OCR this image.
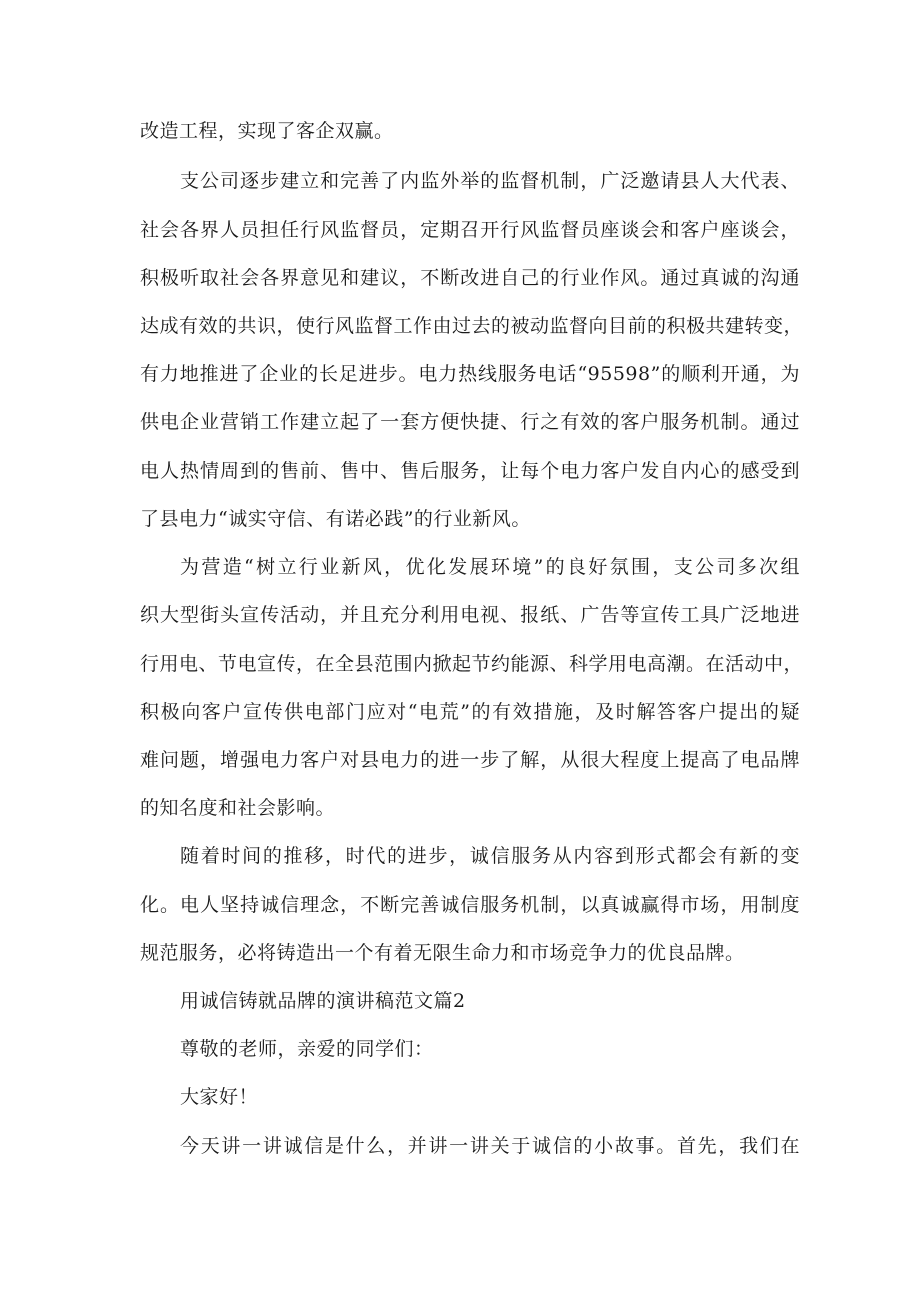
改造工程，实现了客企双赢。
支公司逐步建立和完善了内监外举的监督机制，广泛邀请县人大代表、
社会各界人员担任行风监督员，定期召开行风监督员座谈会和客户座谈会，
积极听取社会各界意见和建议，不断改进自己的行业作风。通过真诚的沟通
达成有效的共识，使行风监督工作由过去的被动监督向目前的积极共建转变，
有力地推进了企业的长足进步。电力热线服务电话“95598”的顺利开通，为
供电企业营销工作建立起了一套方便快捷、行之有效的客户服务机制。通过
电人热情周到的售前、售中、售后服务，让每个电力客户发自内心的感受到
了县电力“诚实守信、有诺必践”的行业新风。
为营造“树立行业新风，优化发展环境”的良好氛围，支公司多次组
织大型街头宣传活动，并且充分利用电视、报纸、广告等宣传工具广泛地进
行用电、节电宣传，在全县范围内掀起节约能源、科学用电高潮。在活动中，
积极向客户宣传供电部门应对“电荒”的有效措施，及时解答客户提出的疑
难问题，增强电力客户对县电力的进一步了解，从很大程度上提高了电品牌
的知名度和社会影响。
随着时间的推移，时代的进步，诚信服务从内容到形式都会有新的变
化。电人坚持诚信理念，不断完善诚信服务机制，以真诚赢得市场，用制度
规范服务，必将铸造出一个有着无限生命力和市场竞争力的优良品牌。
用诚信铸就品牌的演讲稿范文篇2
尊敬的老师，亲爱的同学们：
大家好！
今天讲一讲诚信是什么，并讲一讲关于诚信的小故事。首先，我们在
